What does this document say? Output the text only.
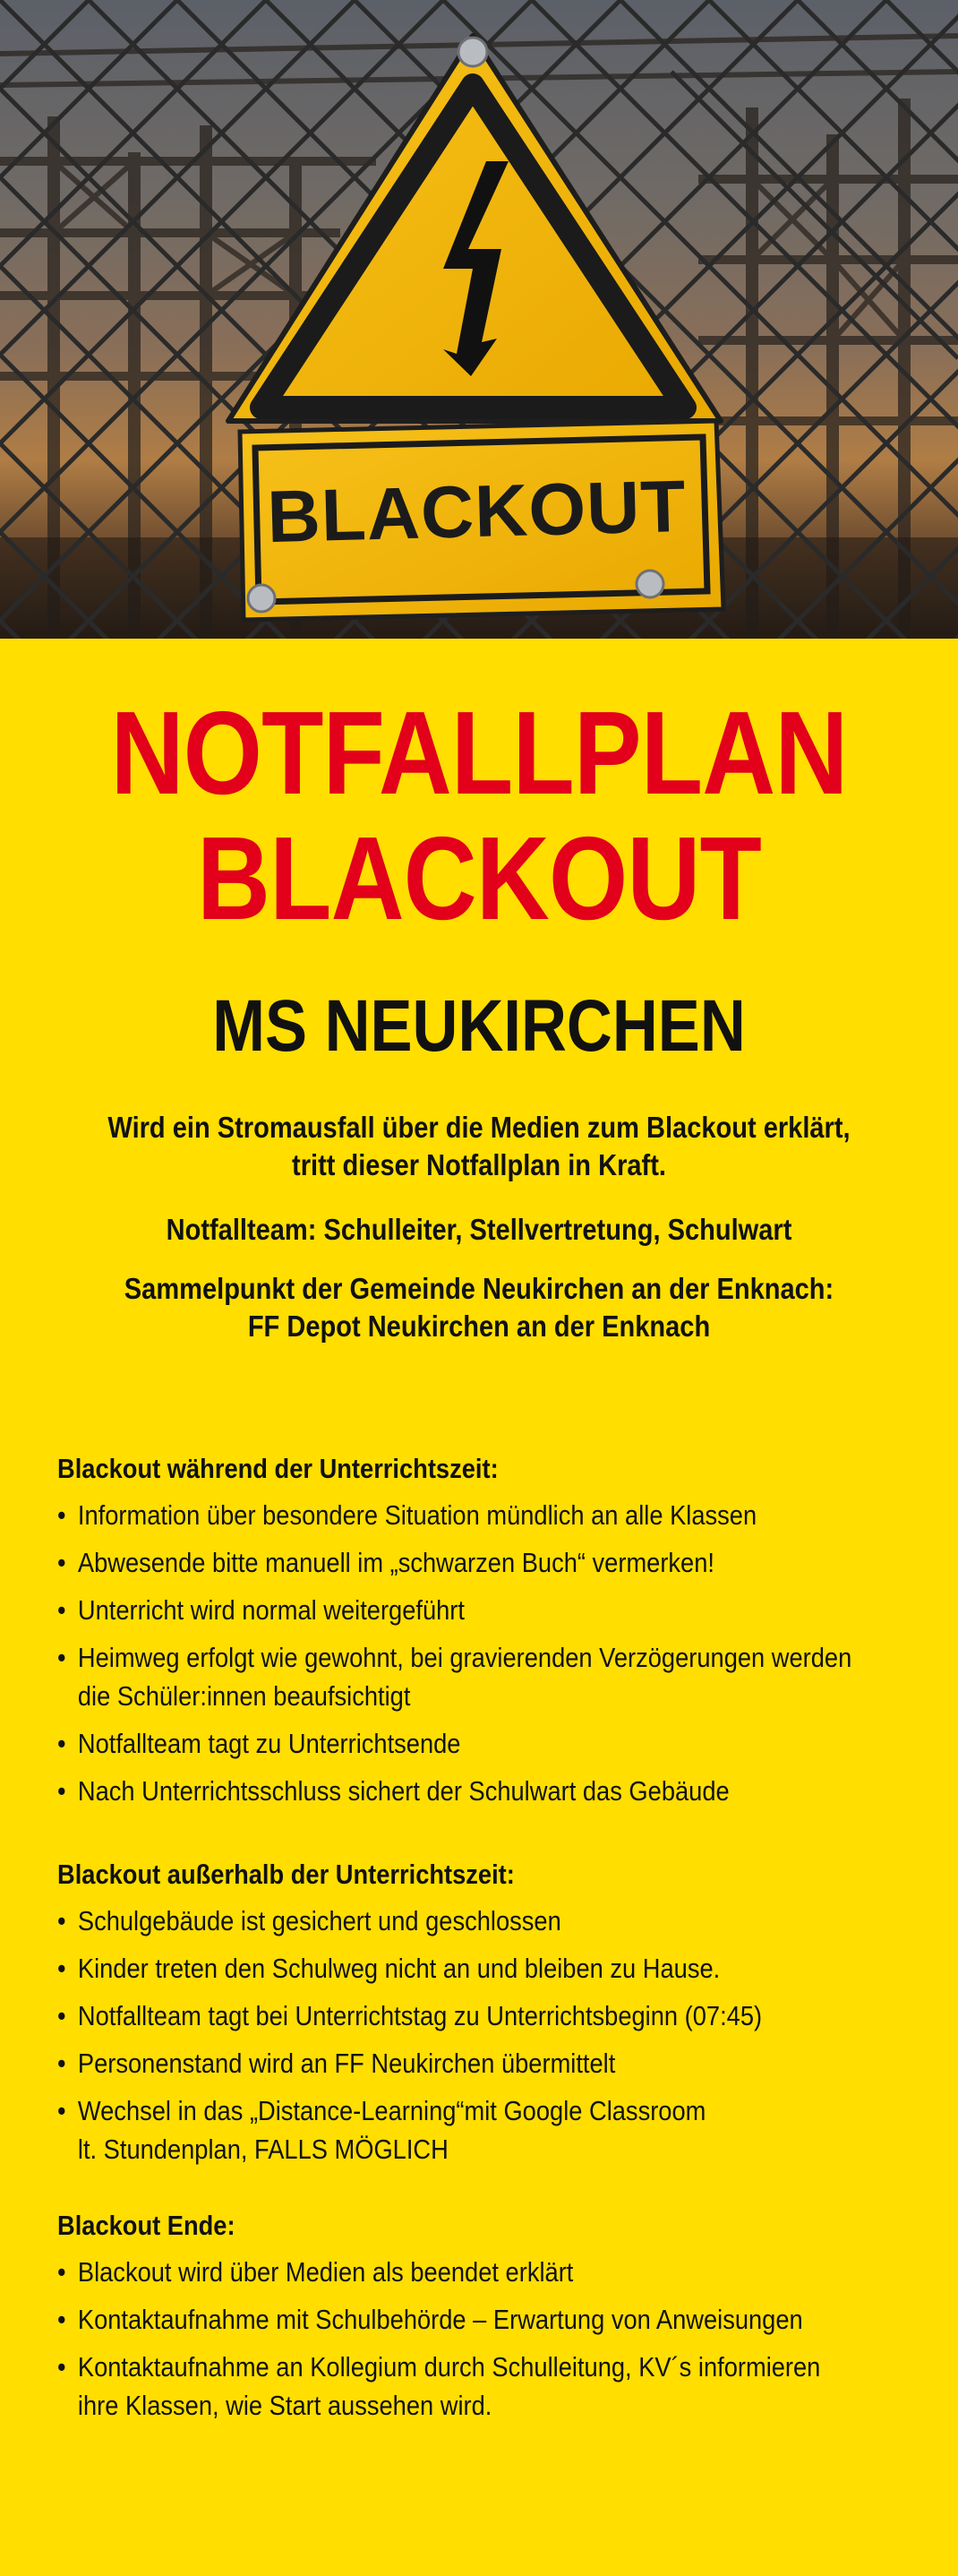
BLACKOUT
NOTFALLPLAN
BLACKOUT
MS NEUKIRCHEN
Wird ein Stromausfall über die Medien zum Blackout erklärt,
tritt dieser Notfallplan in Kraft.
Notfallteam: Schulleiter, Stellvertretung, Schulwart
Sammelpunkt der Gemeinde Neukirchen an der Enknach:
FF Depot Neukirchen an der Enknach
Blackout während der Unterrichtszeit:
• Information über besondere Situation mündlich an alle Klassen
• Abwesende bitte manuell im „schwarzen Buch“ vermerken!
• Unterricht wird normal weitergeführt
• Heimweg erfolgt wie gewohnt, bei gravierenden Verzögerungen werden
die Schüler:innen beaufsichtigt
• Notfallteam tagt zu Unterrichtsende
• Nach Unterrichtsschluss sichert der Schulwart das Gebäude
Blackout außerhalb der Unterrichtszeit:
• Schulgebäude ist gesichert und geschlossen
• Kinder treten den Schulweg nicht an und bleiben zu Hause.
• Notfallteam tagt bei Unterrichtstag zu Unterrichtsbeginn (07:45)
• Personenstand wird an FF Neukirchen übermittelt
• Wechsel in das „Distance-Learning“mit Google Classroom
lt. Stundenplan, FALLS MÖGLICH
Blackout Ende:
• Blackout wird über Medien als beendet erklärt
• Kontaktaufnahme mit Schulbehörde – Erwartung von Anweisungen
• Kontaktaufnahme an Kollegium durch Schulleitung, KV´s informieren
ihre Klassen, wie Start aussehen wird.
